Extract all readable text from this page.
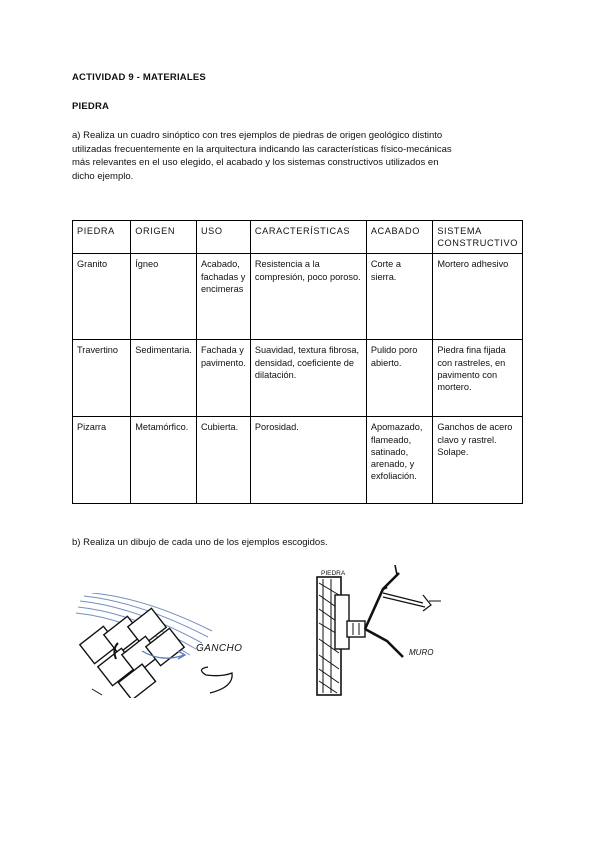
ACTIVIDAD 9 - MATERIALES
PIEDRA
a) Realiza un cuadro sinóptico con tres ejemplos de piedras de origen geológico distinto
utilizadas frecuentemente en la arquitectura indicando las características físico-mecánicas
más relevantes en el uso elegido, el acabado y los sistemas constructivos utilizados en
dicho ejemplo.
PIEDRA	ORIGEN	USO	CARACTERÍSTICAS	ACABADO	SISTEMA CONSTRUCTIVO
Granito	Ígneo	Acabado, fachadas y encimeras	Resistencia a la compresión, poco poroso.	Corte a sierra.	Mortero adhesivo
Travertino	Sedimentaria.	Fachada y pavimento.	Suavidad, textura fibrosa, densidad, coeficiente de dilatación.	Pulido poro abierto.	Piedra fina fijada con rastreles, en pavimento con mortero.
Pizarra	Metamórfico.	Cubierta.	Porosidad.	Apomazado, flameado, satinado, arenado, y exfoliación.	Ganchos de acero clavo y rastrel. Solape.
b) Realiza un dibujo de cada uno de los ejemplos escogidos.
GANCHO
PIEDRA
MURO
